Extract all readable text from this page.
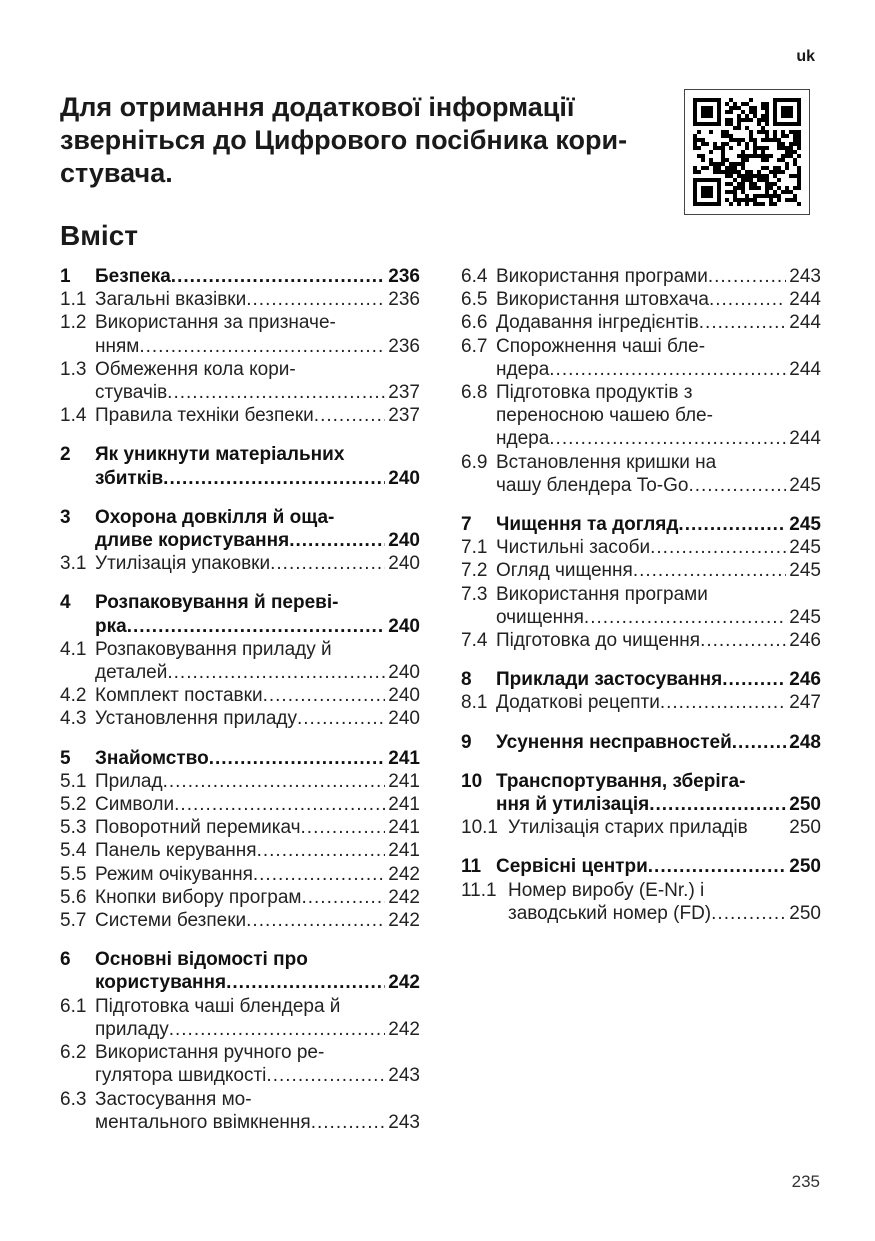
uk
Для отримання додаткової інформації
зверніться до Цифрового посібника кори-
стувача.
Вміст
1	Безпека .....	236
1.1 Загальні вказівки .....	236
1.2 Використання за призначе-
нням .....	236
1.3 Обмеження кола кори-
стувачів .....	237
1.4 Правила техніки безпеки .....	237
2	Як уникнути матеріальних
збитків .....	240
3	Охорона довкілля й оща-
дливе користування .....	240
3.1 Утилізація упаковки .....	240
4	Розпаковування й переві-
рка .....	240
4.1 Розпаковування приладу й
деталей .....	240
4.2 Комплект поставки .....	240
4.3 Установлення приладу .....	240
5	Знайомство .....	241
5.1 Прилад .....	241
5.2 Символи .....	241
5.3 Поворотний перемикач .....	241
5.4 Панель керування .....	241
5.5 Режим очікування .....	242
5.6 Кнопки вибору програм .....	242
5.7 Системи безпеки .....	242
6	Основні відомості про
користування .....	242
6.1 Підготовка чаші блендера й
приладу .....	242
6.2 Використання ручного ре-
гулятора швидкості .....	243
6.3 Застосування мо-
ментального ввімкнення .....	243
6.4 Використання програми .....	243
6.5 Використання штовхача .....	244
6.6 Додавання інгредієнтів .....	244
6.7 Спорожнення чаші бле-
ндера .....	244
6.8 Підготовка продуктів з
переносною чашею бле-
ндера .....	244
6.9 Встановлення кришки на
чашу блендера To-Go .....	245
7	Чищення та догляд .....	245
7.1 Чистильні засоби .....	245
7.2 Огляд чищення .....	245
7.3 Використання програми
очищення .....	245
7.4 Підготовка до чищення .....	246
8	Приклади застосування .....	246
8.1 Додаткові рецепти .....	247
9	Усунення несправностей .....	248
10 Транспортування, зберіга-
ння й утилізація .....	250
10.1 Утилізація старих приладів 250
11 Сервісні центри .....	250
11.1 Номер виробу (E-Nr.) і
заводський номер (FD) .....	250
235
